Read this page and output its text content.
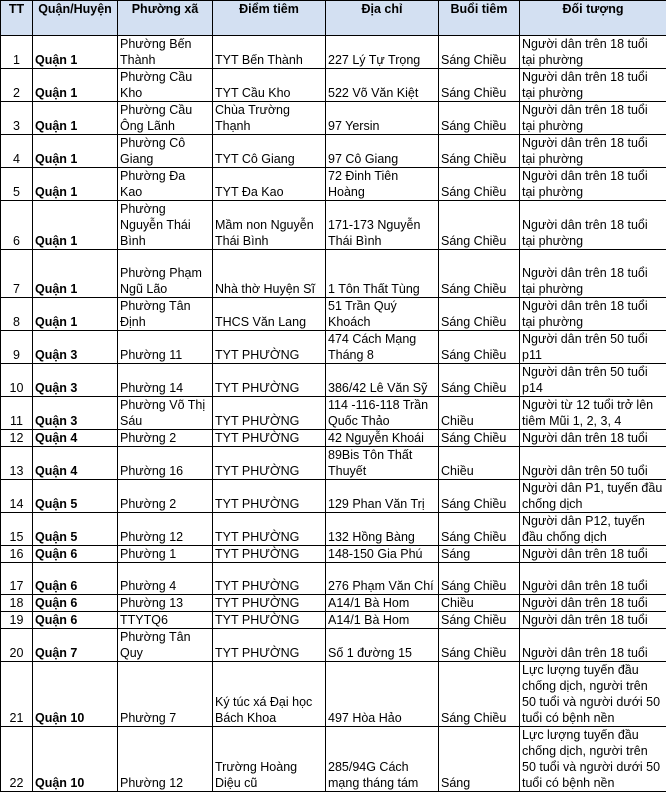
TT	Quận/Huyện	Phường xã	Điểm tiêm	Địa chỉ	Buổi tiêm	Đối tượng
1	Quận 1	Phường Bến Thành	TYT Bến Thành	227 Lý Tự Trọng	Sáng Chiều	Người dân trên 18 tuổi tại phường
2	Quận 1	Phường Cầu Kho	TYT Cầu Kho	522 Võ Văn Kiệt	Sáng Chiều	Người dân trên 18 tuổi tại phường
3	Quận 1	Phường Cầu Ông Lãnh	Chùa Trường Thạnh	97 Yersin	Sáng Chiều	Người dân trên 18 tuổi tại phường
4	Quận 1	Phường Cô Giang	TYT Cô Giang	97 Cô Giang	Sáng Chiều	Người dân trên 18 tuổi tại phường
5	Quận 1	Phường Đa Kao	TYT Đa Kao	72 Đinh Tiên Hoàng	Sáng Chiều	Người dân trên 18 tuổi tại phường
6	Quận 1	Phường Nguyễn Thái Bình	Mầm non Nguyễn Thái Bình	171-173 Nguyễn Thái Bình	Sáng Chiều	Người dân trên 18 tuổi tại phường
7	Quận 1	Phường Phạm Ngũ Lão	Nhà thờ Huyện Sĩ	1 Tôn Thất Tùng	Sáng Chiều	Người dân trên 18 tuổi tại phường
8	Quận 1	Phường Tân Định	THCS Văn Lang	51 Trần Quý Khoách	Sáng Chiều	Người dân trên 18 tuổi tại phường
9	Quận 3	Phường 11	TYT PHƯỜNG	474 Cách Mạng Tháng 8	Sáng Chiều	Người dân trên 50 tuổi p11
10	Quận 3	Phường 14	TYT PHƯỜNG	386/42 Lê Văn Sỹ	Sáng Chiều	Người dân trên 50 tuổi p14
11	Quận 3	Phường Võ Thị Sáu	TYT PHƯỜNG	114 -116-118 Trần Quốc Thảo	Chiều	Người từ 12 tuổi trở lên tiêm Mũi 1, 2, 3, 4
12	Quận 4	Phường 2	TYT PHƯỜNG	42 Nguyễn Khoái	Sáng Chiều	Người dân trên 18 tuổi
13	Quận 4	Phường 16	TYT PHƯỜNG	89Bis Tôn Thất Thuyết	Chiều	Người dân trên 50 tuổi
14	Quận 5	Phường 2	TYT PHƯỜNG	129 Phan Văn Trị	Sáng Chiều	Người dân P1, tuyến đầu chống dịch
15	Quận 5	Phường 12	TYT PHƯỜNG	132 Hồng Bàng	Sáng Chiều	Người dân P12, tuyến đầu chống dịch
16	Quận 6	Phường 1	TYT PHƯỜNG	148-150 Gia Phú	Sáng	Người dân trên 18 tuổi
17	Quận 6	Phường 4	TYT PHƯỜNG	276 Phạm Văn Chí	Sáng Chiều	Người dân trên 18 tuổi
18	Quận 6	Phường 13	TYT PHƯỜNG	A14/1 Bà Hom	Chiều	Người dân trên 18 tuổi
19	Quận 6	TTYTQ6	TYT PHƯỜNG	A14/1 Bà Hom	Sáng Chiều	Người dân trên 18 tuổi
20	Quận 7	Phường Tân Quy	TYT PHƯỜNG	Số 1 đường 15	Sáng Chiều	Người dân trên 18 tuổi
21	Quận 10	Phường 7	Ký túc xá Đại học Bách Khoa	497 Hòa Hảo	Sáng Chiều	Lực lượng tuyến đầu chống dịch, người trên 50 tuổi và người dưới 50 tuổi có bệnh nền
22	Quận 10	Phường 12	Trường Hoàng Diệu cũ	285/94G Cách mạng tháng tám	Sáng	Lực lượng tuyến đầu chống dịch, người trên 50 tuổi và người dưới 50 tuổi có bệnh nền
